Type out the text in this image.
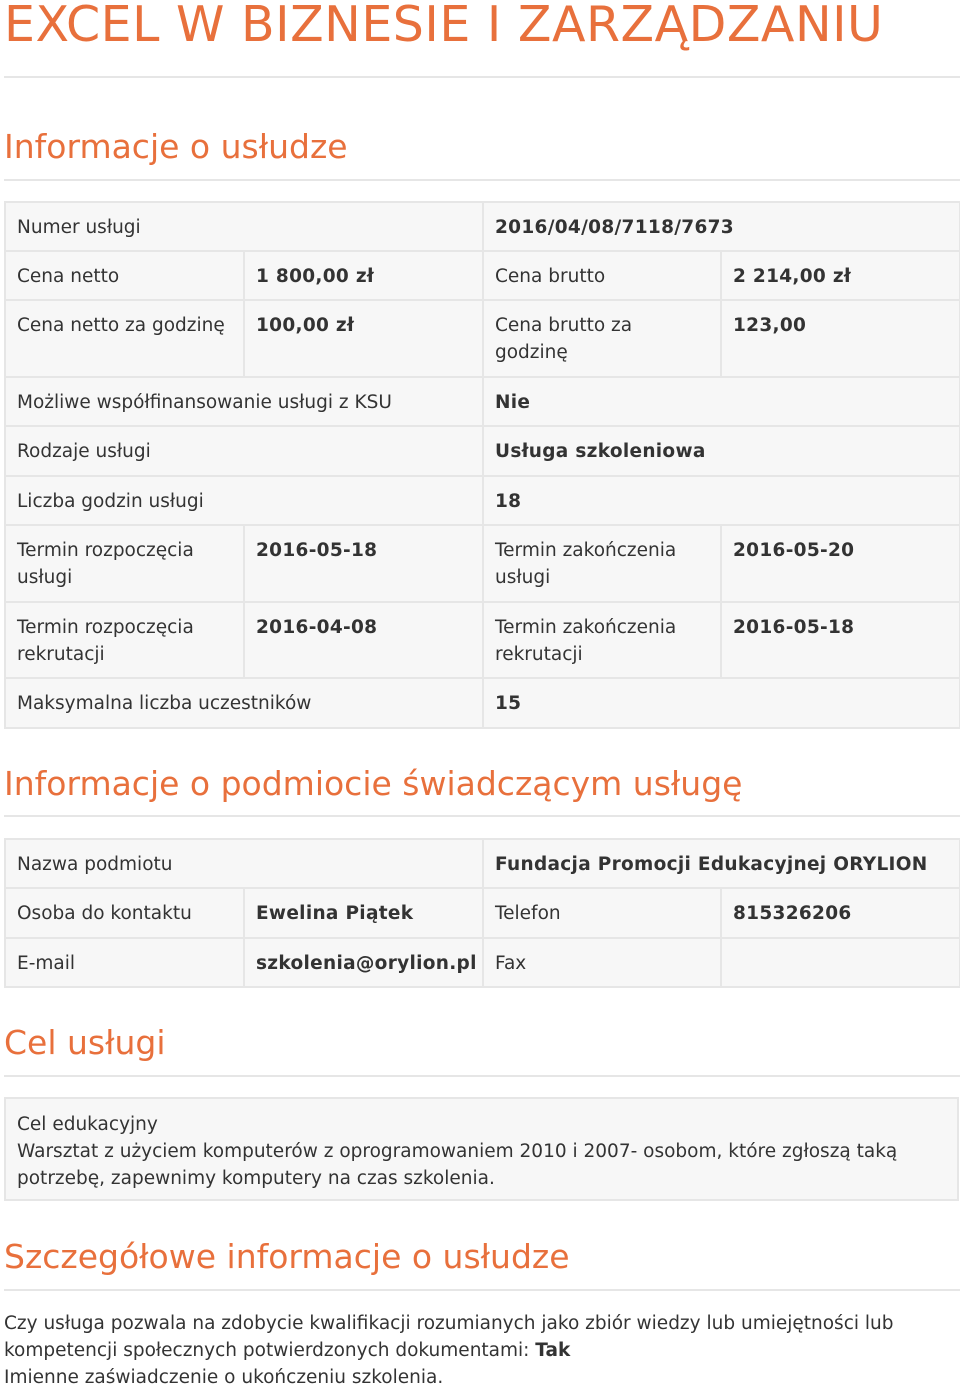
EXCEL W BIZNESIE I ZARZĄDZANIU
Informacje o usłudze
Numer usługi		2016/04/08/7118/7673	
Cena netto	1 800,00 zł	Cena brutto	2 214,00 zł
Cena netto za godzinę	100,00 zł	Cena brutto za godzinę	123,00
Możliwe współfinansowanie usługi z KSU		Nie	
Rodzaje usługi		Usługa szkoleniowa	
Liczba godzin usługi		18	
Termin rozpoczęcia usługi	2016-05-18	Termin zakończenia usługi	2016-05-20
Termin rozpoczęcia rekrutacji	2016-04-08	Termin zakończenia rekrutacji	2016-05-18
Maksymalna liczba uczestników		15	
Informacje o podmiocie świadczącym usługę
Nazwa podmiotu		Fundacja Promocji Edukacyjnej ORYLION	
Osoba do kontaktu	Ewelina Piątek	Telefon	815326206
E-mail	szkolenia@orylion.pl	Fax	
Cel usługi

Cel edukacyjny

Warsztat z użyciem komputerów z oprogramowaniem 2010 i 2007- osobom, które zgłoszą taką potrzebę, zapewnimy komputery na czas szkolenia.

Szczegółowe informacje o usłudze

Czy usługa pozwala na zdobycie kwalifikacji rozumianych jako zbiór wiedzy lub umiejętności lub kompetencji społecznych potwierdzonych dokumentami: Tak

Imienne zaświadczenie o ukończeniu szkolenia.
